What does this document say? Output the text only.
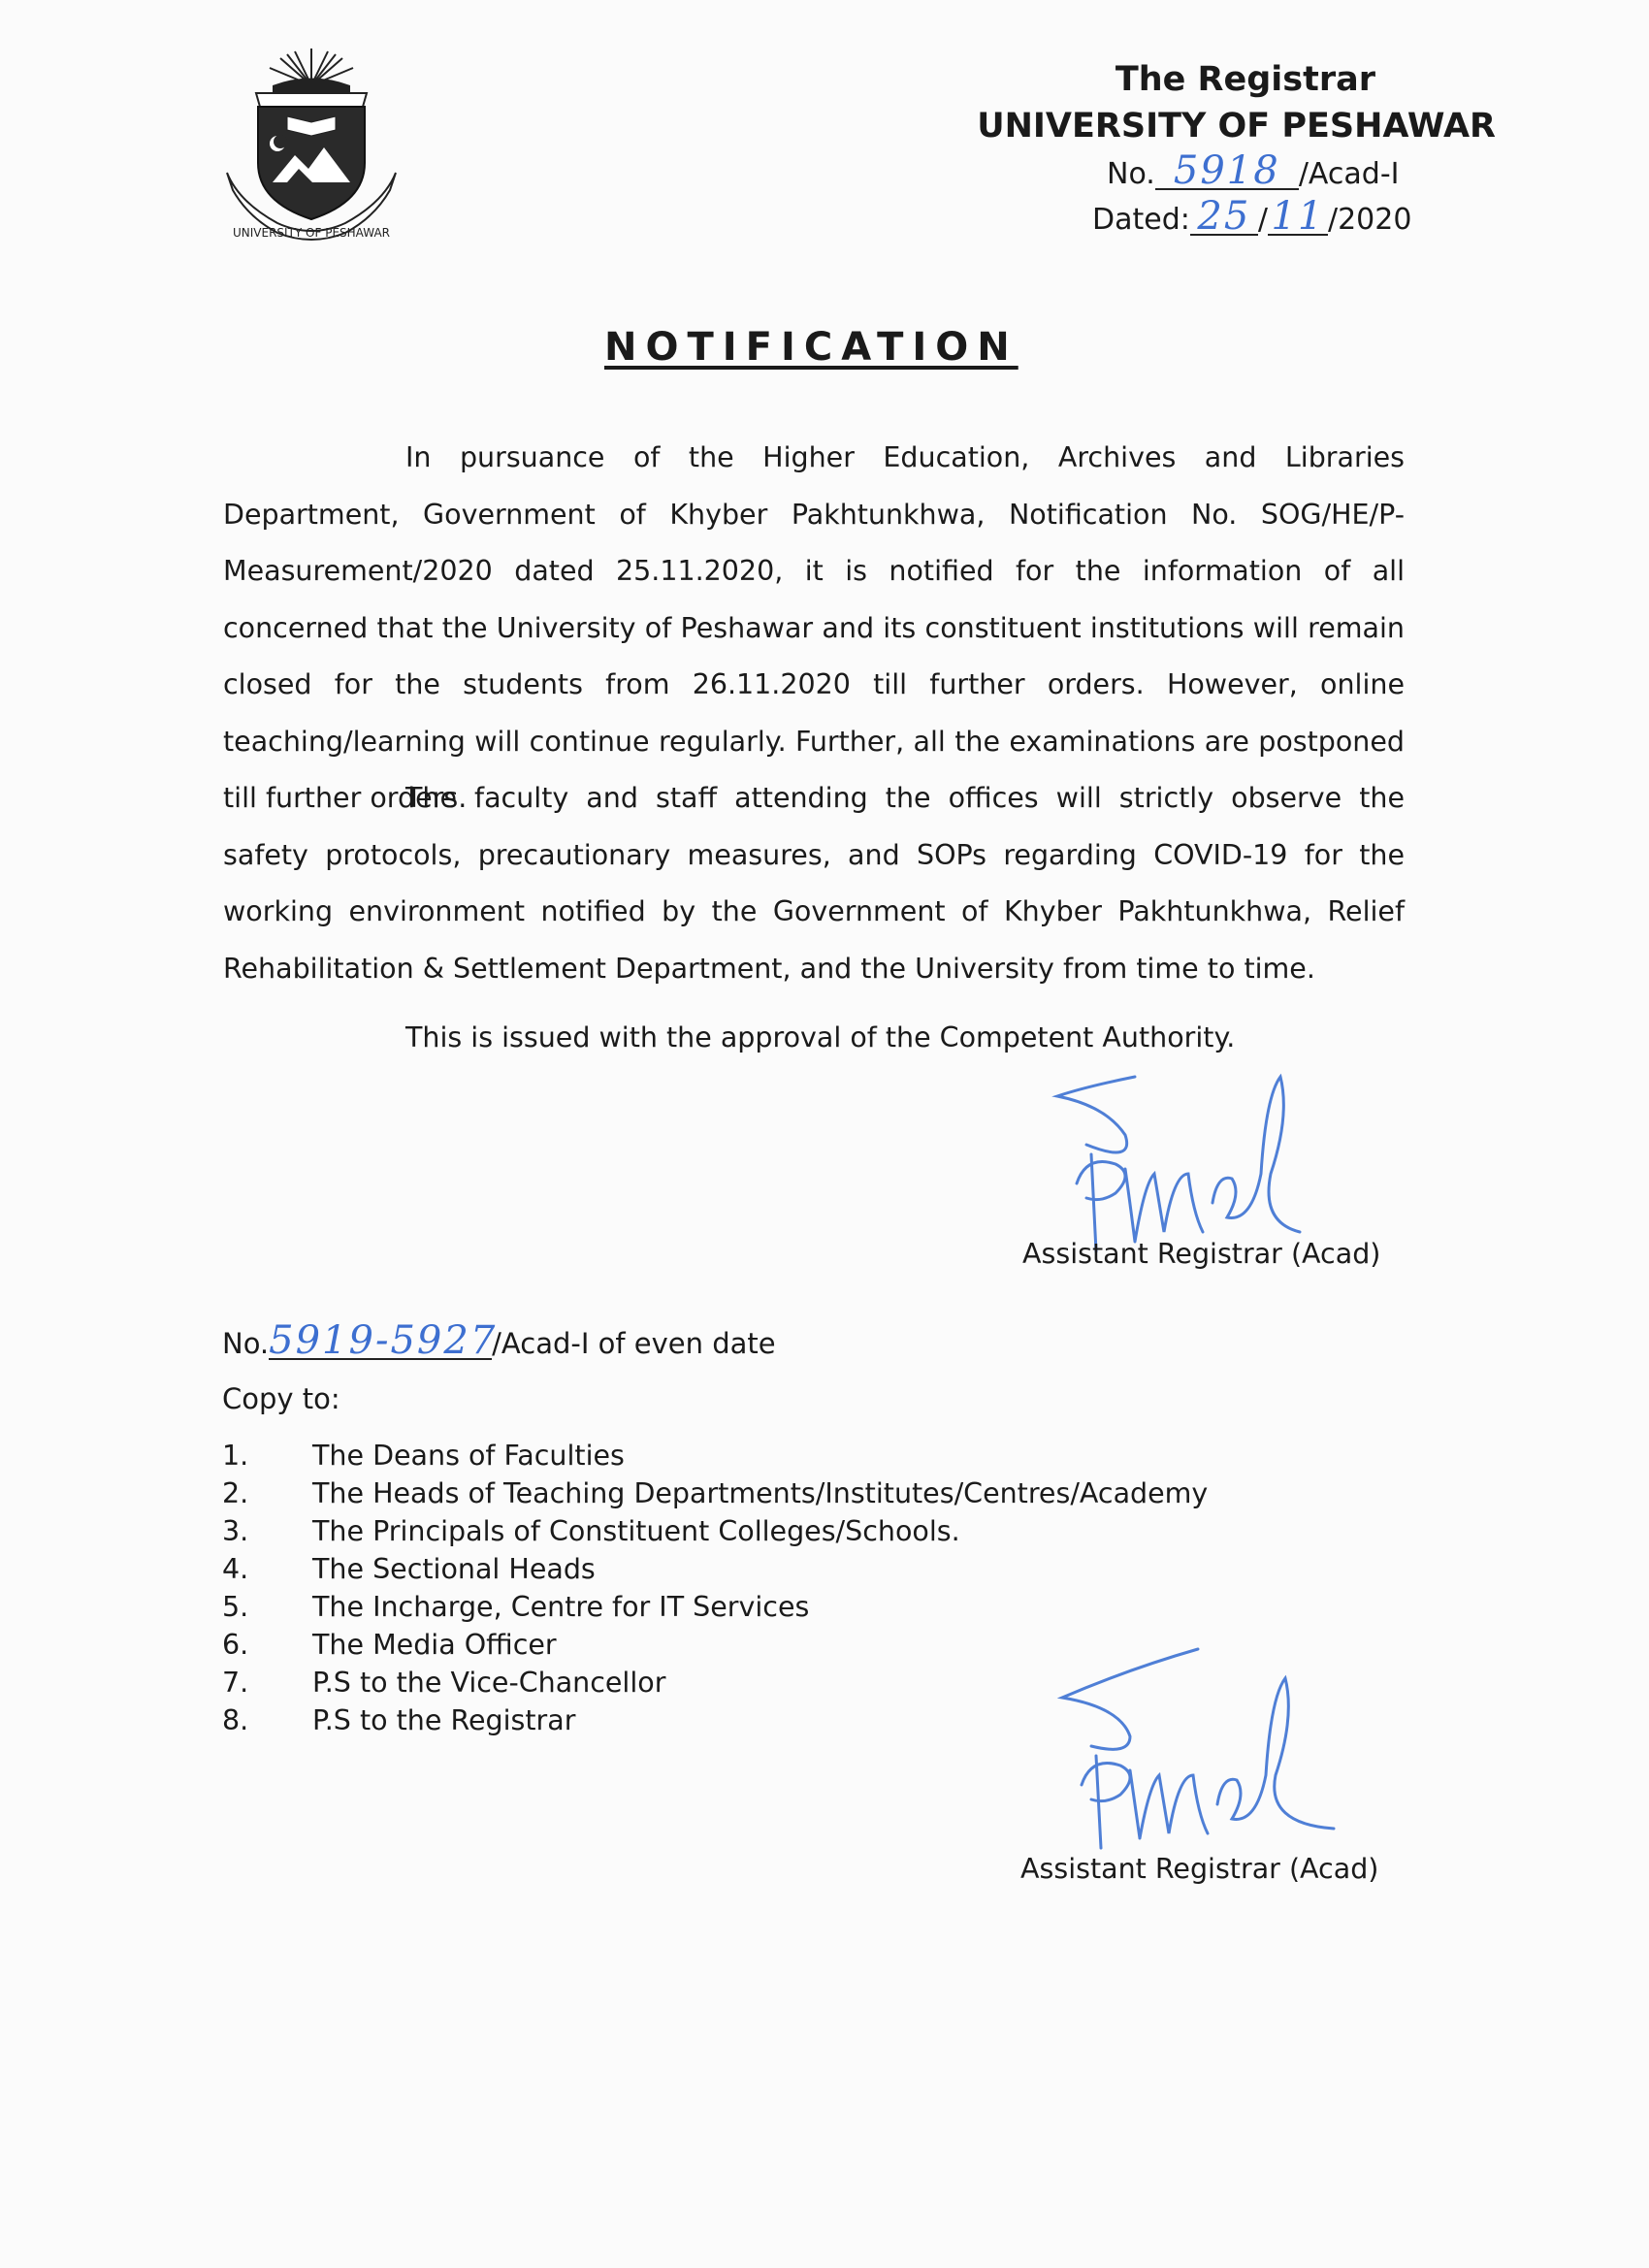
UNIVERSITY OF PESHAWAR
The Registrar
UNIVERSITY OF PESHAWAR
No. 5918 /Acad-I
Dated: 25 /11 /2020
NOTIFICATION
In pursuance of the Higher Education, Archives and Libraries Department, Government of Khyber Pakhtunkhwa, Notification No. SOG/HE/P-Measurement/2020 dated 25.11.2020, it is notified for the information of all concerned that the University of Peshawar and its constituent institutions will remain closed for the students from 26.11.2020 till further orders. However, online teaching/learning will continue regularly. Further, all the examinations are postponed till further orders.
The faculty and staff attending the offices will strictly observe the safety protocols, precautionary measures, and SOPs regarding COVID-19 for the working environment notified by the Government of Khyber Pakhtunkhwa, Relief Rehabilitation & Settlement Department, and the University from time to time.
This is issued with the approval of the Competent Authority.
Assistant Registrar (Acad)
No.5919-5927/Acad-I of even date
Copy to:
1.	The Deans of Faculties
2.	The Heads of Teaching Departments/Institutes/Centres/Academy
3.	The Principals of Constituent Colleges/Schools.
4.	The Sectional Heads
5.	The Incharge, Centre for IT Services
6.	The Media Officer
7.	P.S to the Vice-Chancellor
8.	P.S to the Registrar
Assistant Registrar (Acad)
